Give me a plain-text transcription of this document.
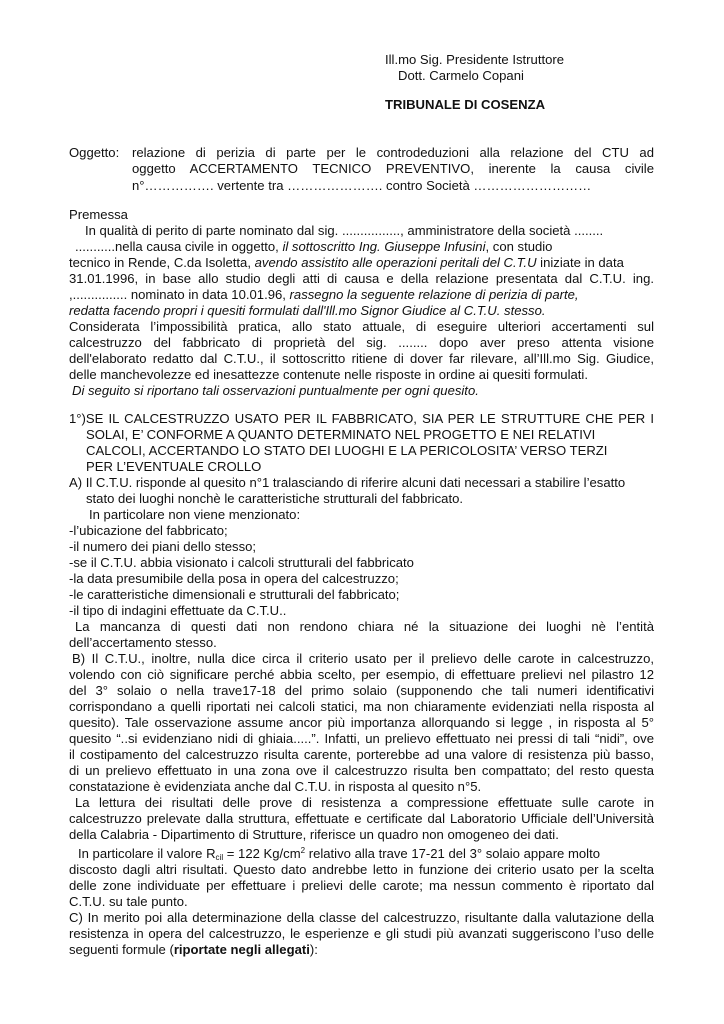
Ill.mo Sig. Presidente Istruttore
Dott. Carmelo Copani
TRIBUNALE DI COSENZA
Oggetto: relazione di perizia di parte per le controdeduzioni alla relazione del CTU ad
oggetto ACCERTAMENTO TECNICO PREVENTIVO, inerente la causa civile
n°……………. vertente tra …………………. contro Società ………………………
Premessa
In qualità di perito di parte nominato dal sig. ................, amministratore della società ........
...........nella causa civile in oggetto, il sottoscritto Ing. Giuseppe Infusini, con studio
tecnico in Rende, C.da Isoletta, avendo assistito alle operazioni peritali del C.T.U iniziate in data
31.01.1996, in base allo studio degli atti di causa e della relazione presentata dal C.T.U. ing.
,............... nominato in data 10.01.96, rassegno la seguente relazione di perizia di parte,
redatta facendo propri i quesiti formulati dall'Ill.mo Signor Giudice al C.T.U. stesso.
Considerata l’impossibilità pratica, allo stato attuale, di eseguire ulteriori accertamenti sul
calcestruzzo del fabbricato di proprietà del sig. ........ dopo aver preso attenta visione
dell'elaborato redatto dal C.T.U., il sottoscritto ritiene di dover far rilevare, all’Ill.mo Sig. Giudice,
delle manchevolezze ed inesattezze contenute nelle risposte in ordine ai quesiti formulati.
Di seguito si riportano tali osservazioni puntualmente per ogni quesito.
1°)SE IL CALCESTRUZZO USATO PER IL FABBRICATO, SIA PER LE STRUTTURE CHE PER I
SOLAI, E’ CONFORME A QUANTO DETERMINATO NEL PROGETTO E NEI RELATIVI
CALCOLI, ACCERTANDO LO STATO DEI LUOGHI E LA PERICOLOSITA’ VERSO TERZI
PER L’EVENTUALE CROLLO
A) Il C.T.U. risponde al quesito n°1 tralasciando di riferire alcuni dati necessari a stabilire l’esatto
stato dei luoghi nonchè le caratteristiche strutturali del fabbricato.
In particolare non viene menzionato:
-l’ubicazione del fabbricato;
-il numero dei piani dello stesso;
-se il C.T.U. abbia visionato i calcoli strutturali del fabbricato
-la data presumibile della posa in opera del calcestruzzo;
-le caratteristiche dimensionali e strutturali del fabbricato;
-il tipo di indagini effettuate da C.T.U..
La mancanza di questi dati non rendono chiara né la situazione dei luoghi nè l’entità
dell’accertamento stesso.
B) Il C.T.U., inoltre, nulla dice circa il criterio usato per il prelievo delle carote in calcestruzzo,
volendo con ciò significare perché abbia scelto, per esempio, di effettuare prelievi nel pilastro 12
del 3° solaio o nella trave17-18 del primo solaio (supponendo che tali numeri identificativi
corrispondano a quelli riportati nei calcoli statici, ma non chiaramente evidenziati nella risposta al
quesito). Tale osservazione assume ancor più importanza allorquando si legge , in risposta al 5°
quesito “..si evidenziano nidi di ghiaia.....”. Infatti, un prelievo effettuato nei pressi di tali “nidi”, ove
il costipamento del calcestruzzo risulta carente, porterebbe ad una valore di resistenza più basso,
di un prelievo effettuato in una zona ove il calcestruzzo risulta ben compattato; del resto questa
constatazione è evidenziata anche dal C.T.U. in risposta al quesito n°5.
La lettura dei risultati delle prove di resistenza a compressione effettuate sulle carote in
calcestruzzo prelevate dalla struttura, effettuate e certificate dal Laboratorio Ufficiale dell’Università
della Calabria - Dipartimento di Strutture, riferisce un quadro non omogeneo dei dati.
In particolare il valore $R_{cil} = 122$ $Kg/cm^2$ relativo alla trave 17-21 del 3° solaio appare molto
discosto dagli altri risultati. Questo dato andrebbe letto in funzione dei criterio usato per la scelta
delle zone individuate per effettuare i prelievi delle carote; ma nessun commento è riportato dal
C.T.U. su tale punto.
C) In merito poi alla determinazione della classe del calcestruzzo, risultante dalla valutazione della
resistenza in opera del calcestruzzo, le esperienze e gli studi più avanzati suggeriscono l’uso delle
seguenti formule (riportate negli allegati):
